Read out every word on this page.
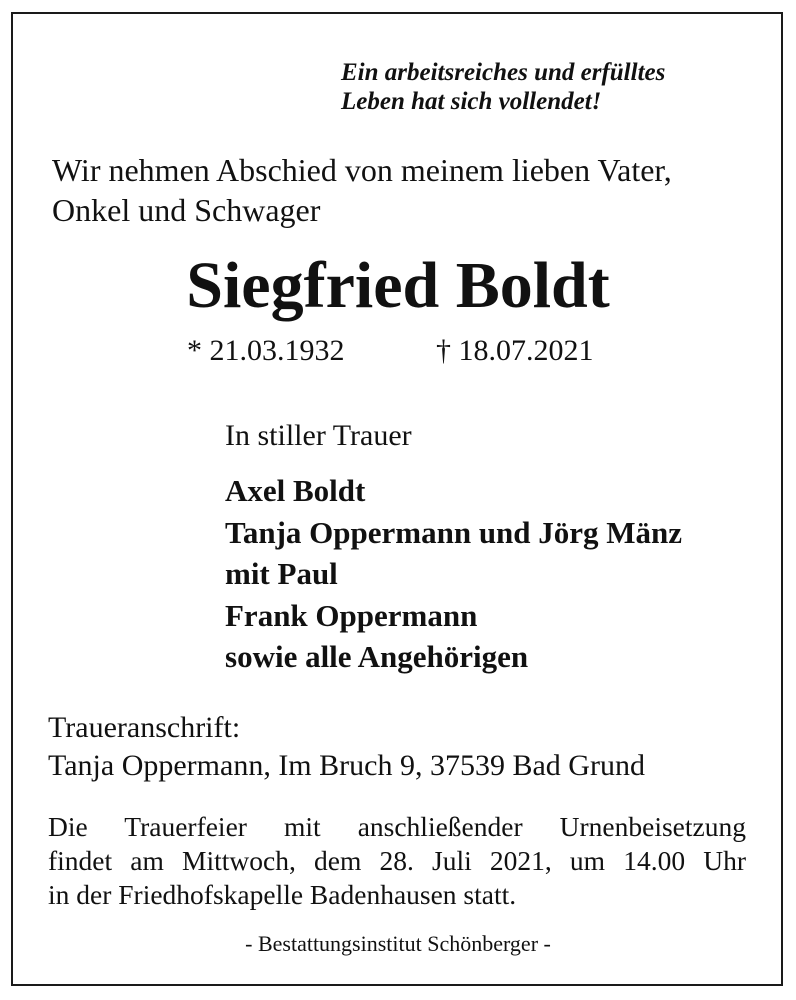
Ein arbeitsreiches und erfülltes
Leben hat sich vollendet!
Wir nehmen Abschied von meinem lieben Vater,
Onkel und Schwager
Siegfried Boldt
* 21.03.1932	† 18.07.2021
In stiller Trauer
Axel Boldt
Tanja Oppermann und Jörg Mänz
mit Paul
Frank Oppermann
sowie alle Angehörigen
Traueranschrift:
Tanja Oppermann, Im Bruch 9, 37539 Bad Grund
Die Trauerfeier mit anschließender Urnenbeisetzung
findet am Mittwoch, dem 28. Juli 2021, um 14.00 Uhr
in der Friedhofskapelle Badenhausen statt.
- Bestattungsinstitut Schönberger -
